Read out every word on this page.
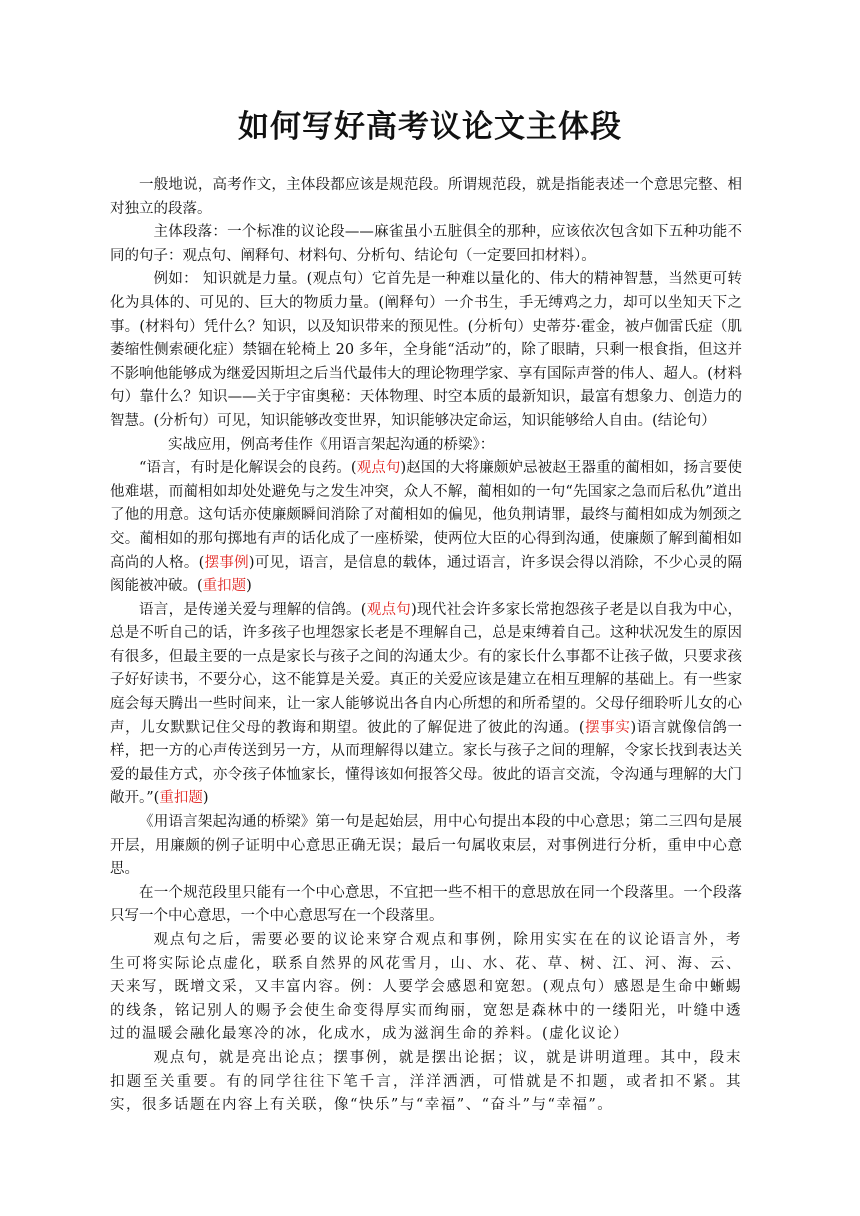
如何写好高考议论文主体段

一般地说，高考作文，主体段都应该是规范段。所谓规范段，就是指能表述一个意思完整、相对独立的段落。

主体段落：一个标准的议论段——麻雀虽小五脏俱全的那种，应该依次包含如下五种功能不同的句子：观点句、阐释句、材料句、分析句、结论句（一定要回扣材料）。

例如： 知识就是力量。(观点句）它首先是一种难以量化的、伟大的精神智慧，当然更可转化为具体的、可见的、巨大的物质力量。(阐释句）一介书生，手无缚鸡之力，却可以坐知天下之事。(材料句）凭什么？知识，以及知识带来的预见性。(分析句）史蒂芬·霍金，被卢伽雷氏症（肌萎缩性侧索硬化症）禁锢在轮椅上 20 多年，全身能“活动”的，除了眼睛，只剩一根食指，但这并不影响他能够成为继爱因斯坦之后当代最伟大的理论物理学家、享有国际声誉的伟人、超人。(材料句）靠什么？知识——关于宇宙奥秘：天体物理、时空本质的最新知识，最富有想象力、创造力的智慧。(分析句）可见，知识能够改变世界，知识能够决定命运，知识能够给人自由。(结论句）

实战应用，例高考佳作《用语言架起沟通的桥梁》：

“语言，有时是化解误会的良药。(观点句)赵国的大将廉颇妒忌被赵王器重的蔺相如，扬言要使他难堪，而蔺相如却处处避免与之发生冲突，众人不解，蔺相如的一句“先国家之急而后私仇”道出了他的用意。这句话亦使廉颇瞬间消除了对蔺相如的偏见，他负荆请罪，最终与蔺相如成为刎颈之交。蔺相如的那句掷地有声的话化成了一座桥梁，使两位大臣的心得到沟通，使廉颇了解到蔺相如高尚的人格。(摆事例)可见，语言，是信息的载体，通过语言，许多误会得以消除，不少心灵的隔阂能被冲破。(重扣题)

语言，是传递关爱与理解的信鸽。(观点句)现代社会许多家长常抱怨孩子老是以自我为中心，总是不听自己的话，许多孩子也埋怨家长老是不理解自己，总是束缚着自己。这种状况发生的原因有很多，但最主要的一点是家长与孩子之间的沟通太少。有的家长什么事都不让孩子做，只要求孩子好好读书，不要分心，这不能算是关爱。真正的关爱应该是建立在相互理解的基础上。有一些家庭会每天腾出一些时间来，让一家人能够说出各自内心所想的和所希望的。父母仔细聆听儿女的心声，儿女默默记住父母的教诲和期望。彼此的了解促进了彼此的沟通。(摆事实)语言就像信鸽一样，把一方的心声传送到另一方，从而理解得以建立。家长与孩子之间的理解，令家长找到表达关爱的最佳方式，亦令孩子体恤家长，懂得该如何报答父母。彼此的语言交流，令沟通与理解的大门敞开。”(重扣题)

《用语言架起沟通的桥梁》第一句是起始层，用中心句提出本段的中心意思；第二三四句是展开层，用廉颇的例子证明中心意思正确无误；最后一句属收束层，对事例进行分析，重申中心意思。

在一个规范段里只能有一个中心意思，不宜把一些不相干的意思放在同一个段落里。一个段落只写一个中心意思，一个中心意思写在一个段落里。

观点句之后，需要必要的议论来穿合观点和事例，除用实实在在的议论语言外，考生可将实际论点虚化，联系自然界的风花雪月，山、水、花、草、树、江、河、海、云、天来写，既增文采，又丰富内容。例：人要学会感恩和宽恕。(观点句）感恩是生命中蜥蜴的线条，铭记别人的赐予会使生命变得厚实而绚丽，宽恕是森林中的一缕阳光，叶缝中透过的温暖会融化最寒冷的冰，化成水，成为滋润生命的养料。(虚化议论）

观点句，就是亮出论点；摆事例，就是摆出论据；议，就是讲明道理。其中，段末扣题至关重要。有的同学往往下笔千言，洋洋洒洒，可惜就是不扣题，或者扣不紧。其实，很多话题在内容上有关联，像“快乐”与“幸福”、“奋斗”与“幸福”。
